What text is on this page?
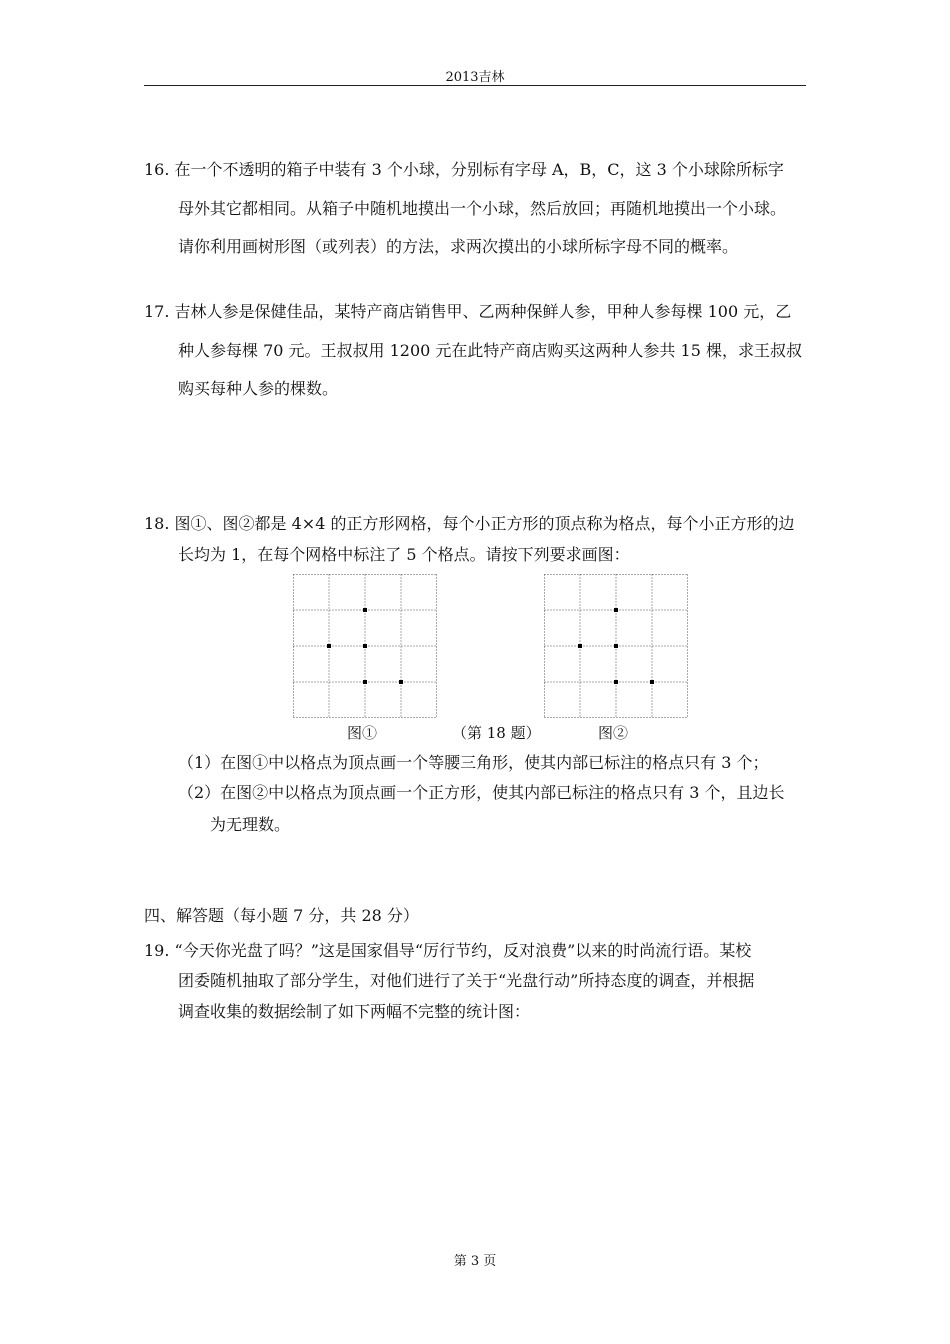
2013吉林
16. 在一个不透明的箱子中装有 3 个小球，分别标有字母 A，B，C，这 3 个小球除所标字
母外其它都相同。从箱子中随机地摸出一个小球，然后放回；再随机地摸出一个小球。
请你利用画树形图（或列表）的方法，求两次摸出的小球所标字母不同的概率。
17. 吉林人参是保健佳品，某特产商店销售甲、乙两种保鲜人参，甲种人参每棵 100 元，乙
种人参每棵 70 元。王叔叔用 1200 元在此特产商店购买这两种人参共 15 棵，求王叔叔
购买每种人参的棵数。
18. 图①、图②都是 4×4 的正方形网格，每个小正方形的顶点称为格点，每个小正方形的边
长均为 1，在每个网格中标注了 5 个格点。请按下列要求画图：
图①	（第 18 题）	图②
（1）在图①中以格点为顶点画一个等腰三角形，使其内部已标注的格点只有 3 个；
（2）在图②中以格点为顶点画一个正方形，使其内部已标注的格点只有 3 个，且边长
为无理数。
四、解答题（每小题 7 分，共 28 分）
19. “今天你光盘了吗？”这是国家倡导“厉行节约，反对浪费”以来的时尚流行语。某校
团委随机抽取了部分学生，对他们进行了关于“光盘行动”所持态度的调查，并根据
调查收集的数据绘制了如下两幅不完整的统计图：
第 3 页
